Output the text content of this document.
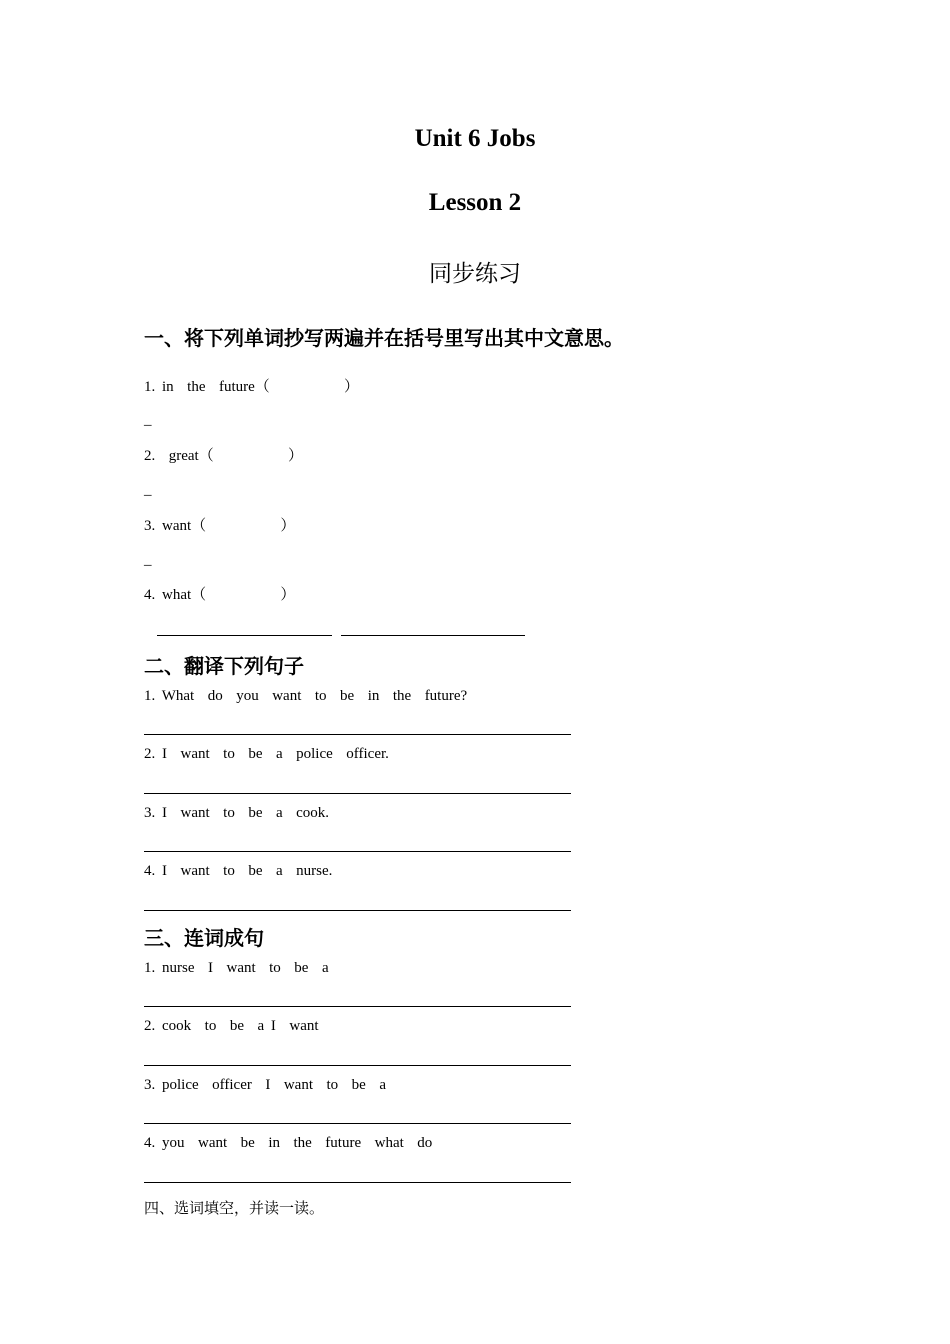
Unit 6 Jobs
Lesson 2
同步练习
一、将下列单词抄写两遍并在括号里写出其中文意思。
1. in  the  future（           ）
_
2.  great（           ）
_
3. want（           ）
_
4. what（           ）
二、翻译下列句子
1. What  do  you  want  to  be  in  the  future?
2. I  want  to  be  a  police  officer.
3. I  want  to  be  a  cook.
4. I  want  to  be  a  nurse.
三、连词成句
1. nurse  I  want  to  be  a
2. cook  to  be  a I  want
3. police  officer  I  want  to  be  a
4. you  want  be  in  the  future  what  do
四、选词填空，并读一读。
